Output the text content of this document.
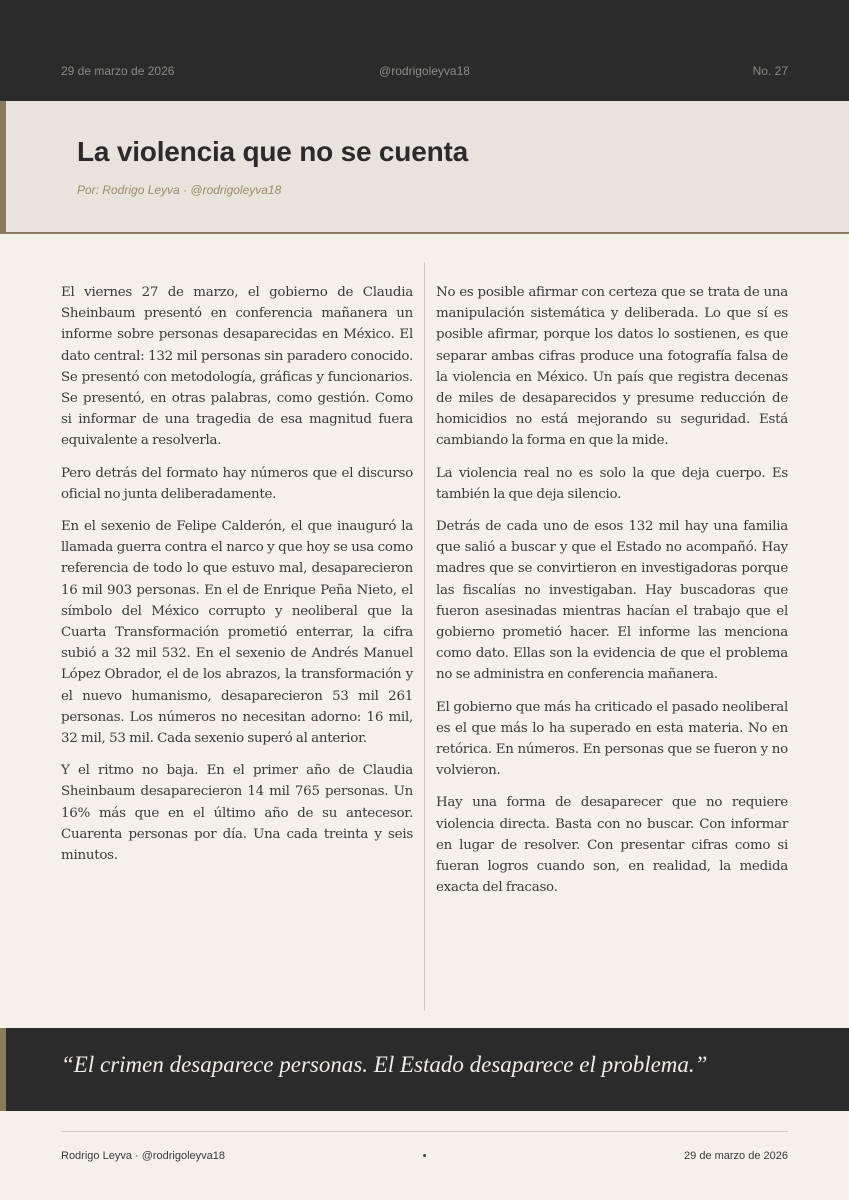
29 de marzo de 2026	@rodrigoleyva18	No. 27
La violencia que no se cuenta
Por: Rodrigo Leyva · @rodrigoleyva18

El viernes 27 de marzo, el gobierno de Claudia Sheinbaum presentó en conferencia mañanera un informe sobre personas desaparecidas en México. El dato central: 132 mil personas sin paradero conocido. Se presentó con metodología, gráficas y funcionarios. Se presentó, en otras palabras, como gestión. Como si informar de una tragedia de esa magnitud fuera equivalente a resolverla.

Pero detrás del formato hay números que el discurso oficial no junta deliberadamente.

En el sexenio de Felipe Calderón, el que inauguró la llamada guerra contra el narco y que hoy se usa como referencia de todo lo que estuvo mal, desaparecieron 16 mil 903 personas. En el de Enrique Peña Nieto, el símbolo del México corrupto y neoliberal que la Cuarta Transformación prometió enterrar, la cifra subió a 32 mil 532. En el sexenio de Andrés Manuel López Obrador, el de los abrazos, la transformación y el nuevo humanismo, desaparecieron 53 mil 261 personas. Los números no necesitan adorno: 16 mil, 32 mil, 53 mil. Cada sexenio superó al anterior.

Y el ritmo no baja. En el primer año de Claudia Sheinbaum desaparecieron 14 mil 765 personas. Un 16% más que en el último año de su antecesor. Cuarenta personas por día. Una cada treinta y seis minutos.

No es posible afirmar con certeza que se trata de una manipulación sistemática y deliberada. Lo que sí es posible afirmar, porque los datos lo sostienen, es que separar ambas cifras produce una fotografía falsa de la violencia en México. Un país que registra decenas de miles de desaparecidos y presume reducción de homicidios no está mejorando su seguridad. Está cambiando la forma en que la mide.

La violencia real no es solo la que deja cuerpo. Es también la que deja silencio.

Detrás de cada uno de esos 132 mil hay una familia que salió a buscar y que el Estado no acompañó. Hay madres que se convirtieron en investigadoras porque las fiscalías no investigaban. Hay buscadoras que fueron asesinadas mientras hacían el trabajo que el gobierno prometió hacer. El informe las menciona como dato. Ellas son la evidencia de que el problema no se administra en conferencia mañanera.

El gobierno que más ha criticado el pasado neoliberal es el que más lo ha superado en esta materia. No en retórica. En números. En personas que se fueron y no volvieron.

Hay una forma de desaparecer que no requiere violencia directa. Basta con no buscar. Con informar en lugar de resolver. Con presentar cifras como si fueran logros cuando son, en realidad, la medida exacta del fracaso.

“El crimen desaparece personas. El Estado desaparece el problema.”

Rodrigo Leyva · @rodrigoleyva18	•	29 de marzo de 2026
